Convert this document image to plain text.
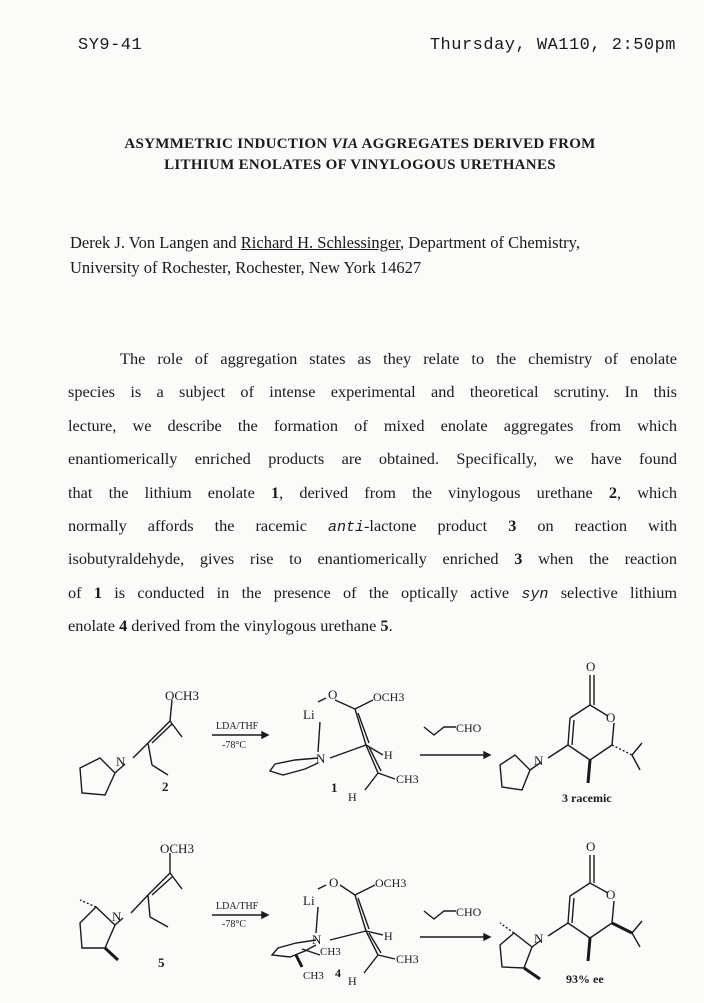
SY9-41	Thursday, WA110, 2:50pm
ASYMMETRIC INDUCTION VIA AGGREGATES DERIVED FROM
LITHIUM ENOLATES OF VINYLOGOUS URETHANES
Derek J. Von Langen and Richard H. Schlessinger, Department of Chemistry,
University of Rochester, Rochester, New York 14627
The role of aggregation states as they relate to the chemistry of enolate
species is a subject of intense experimental and theoretical scrutiny. In this
lecture, we describe the formation of mixed enolate aggregates from which
enantiomerically enriched products are obtained. Specifically, we have found
that the lithium enolate 1, derived from the vinylogous urethane 2, which
normally affords the racemic anti-lactone product 3 on reaction with
isobutyraldehyde, gives rise to enantiomerically enriched 3 when the reaction
of 1 is conducted in the presence of the optically active syn selective lithium
enolate 4 derived from the vinylogous urethane 5.
N
OCH3
2
LDA/THF
-78°C
O
Li
OCH3
N	H
CH3
H
1
CHO
O
O
N
3 racemic
N
OCH3
5
LDA/THF
-78°C
O
Li
OCH3
N
CH3
CH3 4
H
H
CH3
CHO
O
O
N
93% ee
